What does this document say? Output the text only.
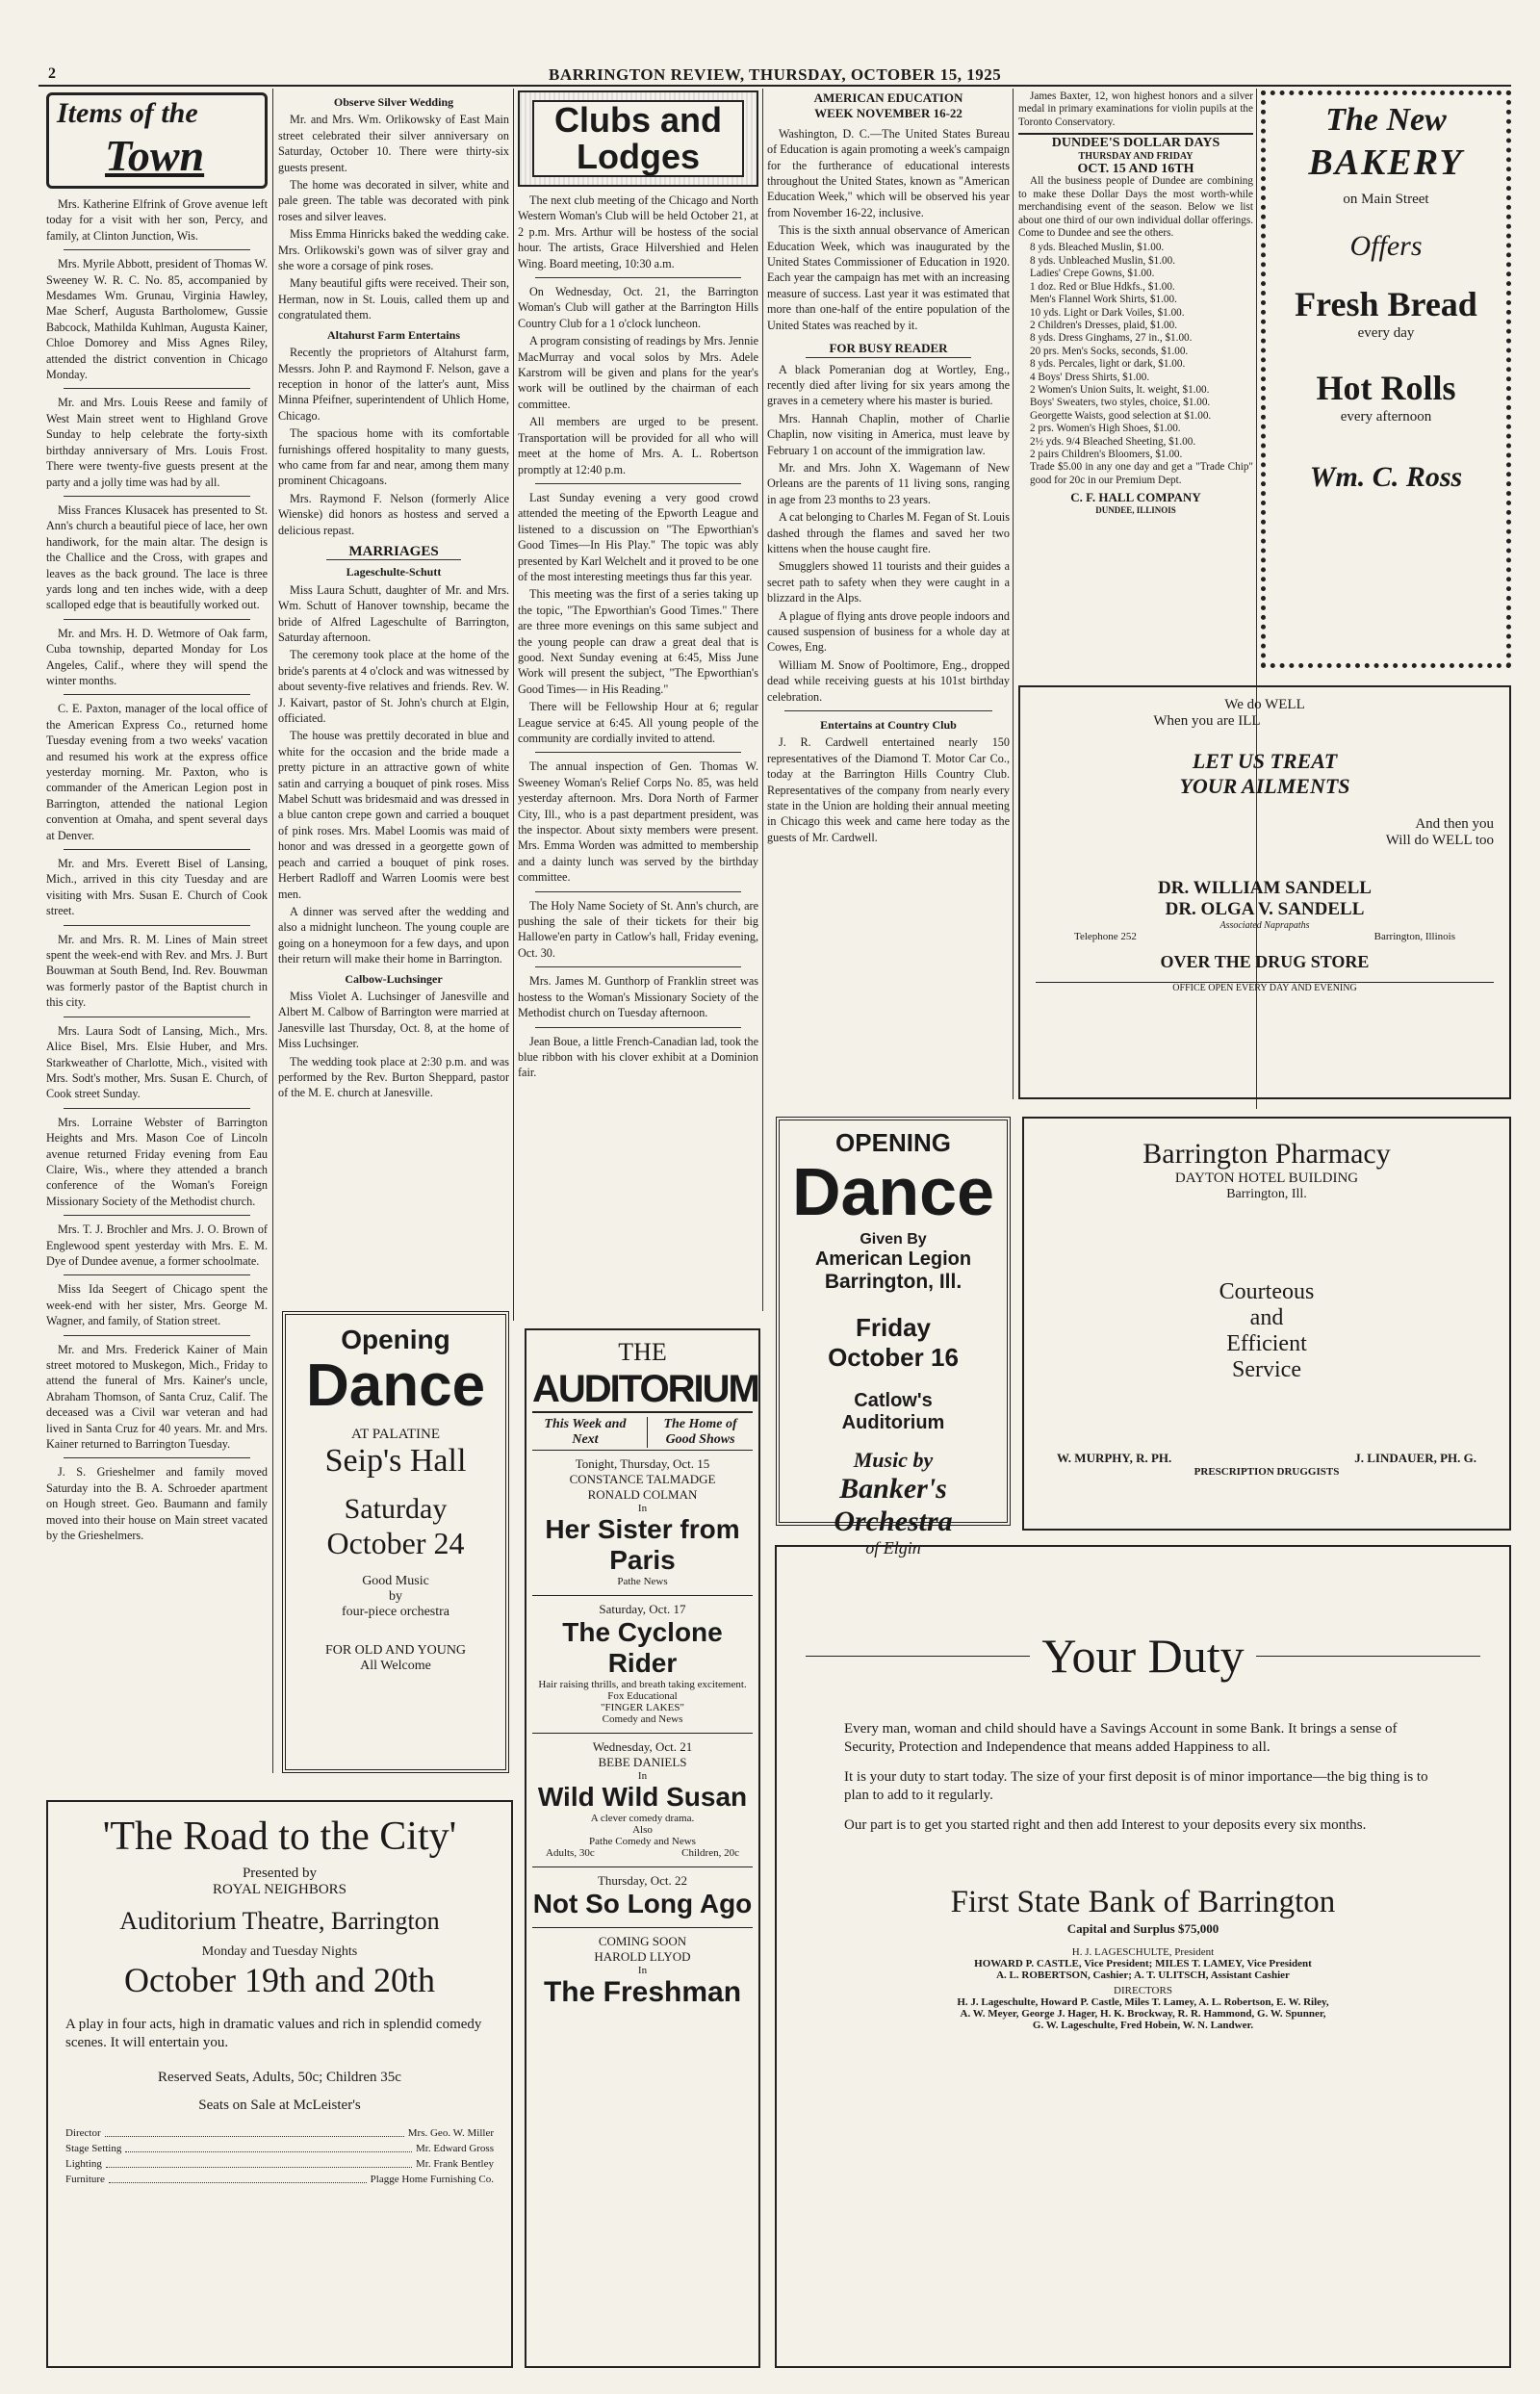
2	BARRINGTON REVIEW, THURSDAY, OCTOBER 15, 1925
Items of the
Town

Mrs. Katherine Elfrink of Grove avenue left today for a visit with her son, Percy, and family, at Clinton Junction, Wis.

Mrs. Myrile Abbott, president of Thomas W. Sweeney W. R. C. No. 85, accompanied by Mesdames Wm. Grunau, Virginia Hawley, Mae Scherf, Augusta Bartholomew, Gussie Babcock, Mathilda Kuhlman, Augusta Kainer, Chloe Domorey and Miss Agnes Riley, attended the district convention in Chicago Monday.

Mr. and Mrs. Louis Reese and family of West Main street went to Highland Grove Sunday to help celebrate the forty-sixth birthday anniversary of Mrs. Louis Frost. There were twenty-five guests present at the party and a jolly time was had by all.

Miss Frances Klusacek has presented to St. Ann's church a beautiful piece of lace, her own handiwork, for the main altar. The design is the Challice and the Cross, with grapes and leaves as the back ground. The lace is three yards long and ten inches wide, with a deep scalloped edge that is beautifully worked out.

Mr. and Mrs. H. D. Wetmore of Oak farm, Cuba township, departed Monday for Los Angeles, Calif., where they will spend the winter months.

C. E. Paxton, manager of the local office of the American Express Co., returned home Tuesday evening from a two weeks' vacation and resumed his work at the express office yesterday morning. Mr. Paxton, who is commander of the American Legion post in Barrington, attended the national Legion convention at Omaha, and spent several days at Denver.

Mr. and Mrs. Everett Bisel of Lansing, Mich., arrived in this city Tuesday and are visiting with Mrs. Susan E. Church of Cook street.

Mr. and Mrs. R. M. Lines of Main street spent the week-end with Rev. and Mrs. J. Burt Bouwman at South Bend, Ind. Rev. Bouwman was formerly pastor of the Baptist church in this city.

Mrs. Laura Sodt of Lansing, Mich., Mrs. Alice Bisel, Mrs. Elsie Huber, and Mrs. Starkweather of Charlotte, Mich., visited with Mrs. Sodt's mother, Mrs. Susan E. Church, of Cook street Sunday.

Mrs. Lorraine Webster of Barrington Heights and Mrs. Mason Coe of Lincoln avenue returned Friday evening from Eau Claire, Wis., where they attended a branch conference of the Woman's Foreign Missionary Society of the Methodist church.

Mrs. T. J. Brochler and Mrs. J. O. Brown of Englewood spent yesterday with Mrs. E. M. Dye of Dundee avenue, a former schoolmate.

Miss Ida Seegert of Chicago spent the week-end with her sister, Mrs. George M. Wagner, and family, of Station street.

Mr. and Mrs. Frederick Kainer of Main street motored to Muskegon, Mich., Friday to attend the funeral of Mrs. Kainer's uncle, Abraham Thomson, of Santa Cruz, Calif. The deceased was a Civil war veteran and had lived in Santa Cruz for 40 years. Mr. and Mrs. Kainer returned to Barrington Tuesday.

J. S. Grieshelmer and family moved Saturday into the B. A. Schroeder apartment on Hough street. Geo. Baumann and family moved into their house on Main street vacated by the Grieshelmers.

Observe Silver Wedding

Mr. and Mrs. Wm. Orlikowsky of East Main street celebrated their silver anniversary on Saturday, October 10. There were thirty-six guests present.

The home was decorated in silver, white and pale green. The table was decorated with pink roses and silver leaves.

Miss Emma Hinricks baked the wedding cake. Mrs. Orlikowski's gown was of silver gray and she wore a corsage of pink roses.

Many beautiful gifts were received. Their son, Herman, now in St. Louis, called them up and congratulated them.

Altahurst Farm Entertains

Recently the proprietors of Altahurst farm, Messrs. John P. and Raymond F. Nelson, gave a reception in honor of the latter's aunt, Miss Minna Pfeifner, superintendent of Uhlich Home, Chicago.

The spacious home with its comfortable furnishings offered hospitality to many guests, who came from far and near, among them many prominent Chicagoans.

Mrs. Raymond F. Nelson (formerly Alice Wienske) did honors as hostess and served a delicious repast.

MARRIAGES
Lageschulte-Schutt

Miss Laura Schutt, daughter of Mr. and Mrs. Wm. Schutt of Hanover township, became the bride of Alfred Lageschulte of Barrington, Saturday afternoon.

The ceremony took place at the home of the bride's parents at 4 o'clock and was witnessed by about seventy-five relatives and friends. Rev. W. J. Kaivart, pastor of St. John's church at Elgin, officiated.

The house was prettily decorated in blue and white for the occasion and the bride made a pretty picture in an attractive gown of white satin and carrying a bouquet of pink roses. Miss Mabel Schutt was bridesmaid and was dressed in a blue canton crepe gown and carried a bouquet of pink roses. Mrs. Mabel Loomis was maid of honor and was dressed in a georgette gown of peach and carried a bouquet of pink roses. Herbert Radloff and Warren Loomis were best men.

A dinner was served after the wedding and also a midnight luncheon. The young couple are going on a honeymoon for a few days, and upon their return will make their home in Barrington.

Calbow-Luchsinger

Miss Violet A. Luchsinger of Janesville and Albert M. Calbow of Barrington were married at Janesville last Thursday, Oct. 8, at the home of Miss Luchsinger.

The wedding took place at 2:30 p.m. and was performed by the Rev. Burton Sheppard, pastor of the M. E. church at Janesville.

Clubs and Lodges

The next club meeting of the Chicago and North Western Woman's Club will be held October 21, at 2 p.m. Mrs. Arthur will be hostess of the social hour. The artists, Grace Hilvershied and Helen Wing. Board meeting, 10:30 a.m.

On Wednesday, Oct. 21, the Barrington Woman's Club will gather at the Barrington Hills Country Club for a 1 o'clock luncheon.

A program consisting of readings by Mrs. Jennie MacMurray and vocal solos by Mrs. Adele Karstrom will be given and plans for the year's work will be outlined by the chairman of each committee.

All members are urged to be present. Transportation will be provided for all who will meet at the home of Mrs. A. L. Robertson promptly at 12:40 p.m.

Last Sunday evening a very good crowd attended the meeting of the Epworth League and listened to a discussion on "The Epworthian's Good Times—In His Play." The topic was ably presented by Karl Welchelt and it proved to be one of the most interesting meetings thus far this year.

This meeting was the first of a series taking up the topic, "The Epworthian's Good Times." There are three more evenings on this same subject and the young people can draw a great deal that is good. Next Sunday evening at 6:45, Miss June Work will present the subject, "The Epworthian's Good Times— in His Reading."

There will be Fellowship Hour at 6; regular League service at 6:45. All young people of the community are cordially invited to attend.

The annual inspection of Gen. Thomas W. Sweeney Woman's Relief Corps No. 85, was held yesterday afternoon. Mrs. Dora North of Farmer City, Ill., who is a past department president, was the inspector. About sixty members were present. Mrs. Emma Worden was admitted to membership and a dainty lunch was served by the birthday committee.

The Holy Name Society of St. Ann's church, are pushing the sale of their tickets for their big Hallowe'en party in Catlow's hall, Friday evening, Oct. 30.

Mrs. James M. Gunthorp of Franklin street was hostess to the Woman's Missionary Society of the Methodist church on Tuesday afternoon.

Jean Boue, a little French-Canadian lad, took the blue ribbon with his clover exhibit at a Dominion fair.

AMERICAN EDUCATION
WEEK NOVEMBER 16-22

Washington, D. C.—The United States Bureau of Education is again promoting a week's campaign for the furtherance of educational interests throughout the United States, known as "American Education Week," which will be observed his year from November 16-22, inclusive.

This is the sixth annual observance of American Education Week, which was inaugurated by the United States Commissioner of Education in 1920. Each year the campaign has met with an increasing measure of success. Last year it was estimated that more than one-half of the entire population of the United States was reached by it.

FOR BUSY READER

A black Pomeranian dog at Wortley, Eng., recently died after living for six years among the graves in a cemetery where his master is buried.

Mrs. Hannah Chaplin, mother of Charlie Chaplin, now visiting in America, must leave by February 1 on account of the immigration law.

Mr. and Mrs. John X. Wagemann of New Orleans are the parents of 11 living sons, ranging in age from 23 months to 23 years.

A cat belonging to Charles M. Fegan of St. Louis dashed through the flames and saved her two kittens when the house caught fire.

Smugglers showed 11 tourists and their guides a secret path to safety when they were caught in a blizzard in the Alps.

A plague of flying ants drove people indoors and caused suspension of business for a whole day at Cowes, Eng.

William M. Snow of Pooltimore, Eng., dropped dead while receiving guests at his 101st birthday celebration.

Entertains at Country Club

J. R. Cardwell entertained nearly 150 representatives of the Diamond T. Motor Car Co., today at the Barrington Hills Country Club. Representatives of the company from nearly every state in the Union are holding their annual meeting in Chicago this week and came here today as the guests of Mr. Cardwell.

James Baxter, 12, won highest honors and a silver medal in primary examinations for violin pupils at the Toronto Conservatory.

DUNDEE'S DOLLAR DAYS
THURSDAY AND FRIDAY
OCT. 15 AND 16TH

All the business people of Dundee are combining to make these Dollar Days the most worth-while merchandising event of the season. Below we list about one third of our own individual dollar offerings. Come to Dundee and see the others.

8 yds. Bleached Muslin, $1.00.
8 yds. Unbleached Muslin, $1.00.
Ladies' Crepe Gowns, $1.00.
1 doz. Red or Blue Hdkfs., $1.00.
Men's Flannel Work Shirts, $1.00.
10 yds. Light or Dark Voiles, $1.00.
2 Children's Dresses, plaid, $1.00.
8 yds. Dress Ginghams, 27 in., $1.00.
20 prs. Men's Socks, seconds, $1.00.
8 yds. Percales, light or dark, $1.00.
4 Boys' Dress Shirts, $1.00.
2 Women's Union Suits, lt. weight, $1.00.
Boys' Sweaters, two styles, choice, $1.00.
Georgette Waists, good selection at $1.00.
2 prs. Women's High Shoes, $1.00.
2½ yds. 9/4 Bleached Sheeting, $1.00.
2 pairs Children's Bloomers, $1.00.
Trade $5.00 in any one day and get a "Trade Chip" good for 20c in our Premium Dept.
C. F. HALL COMPANY
DUNDEE, ILLINOIS
The New
BAKERY
on Main Street
Offers
Fresh Bread
every day
Hot Rolls
every afternoon
Wm. C. Ross
We do WELL
When you are ILL
LET US TREAT
YOUR AILMENTS
And then you
Will do WELL too
DR. WILLIAM SANDELL
DR. OLGA V. SANDELL
Associated Naprapaths
Telephone 252	Barrington, Illinois
OVER THE DRUG STORE
OFFICE OPEN EVERY DAY AND EVENING
OPENING
Dance
Given By
American Legion
Barrington, Ill.
Friday
October 16
Catlow's
Auditorium
Music by
Banker's
Orchestra
of Elgin
Barrington Pharmacy
DAYTON HOTEL BUILDING
Barrington, Ill.
Courteous
and
Efficient
Service
W. MURPHY, R. PH.	J. LINDAUER, PH. G.
PRESCRIPTION DRUGGISTS
Opening
Dance
AT PALATINE
Seip's Hall
Saturday
October 24
Good Music
by
four-piece orchestra
FOR OLD AND YOUNG
All Welcome
THE
AUDITORIUM
This Week and Next
The Home of Good Shows
Tonight, Thursday, Oct. 15
CONSTANCE TALMADGE
RONALD COLMAN
In
Her Sister from Paris
Pathe News
Saturday, Oct. 17
The Cyclone Rider
Hair raising thrills, and breath taking excitement.
Fox Educational
"FINGER LAKES"
Comedy and News
Wednesday, Oct. 21
BEBE DANIELS
In
Wild Wild Susan
A clever comedy drama.
Also
Pathe Comedy and News
Adults, 30c	Children, 20c
Thursday, Oct. 22
Not So Long Ago
COMING SOON
HAROLD LLYOD
In
The Freshman
'The Road to the City'
Presented by
ROYAL NEIGHBORS
Auditorium Theatre, Barrington
Monday and Tuesday Nights
October 19th and 20th
A play in four acts, high in dramatic values and rich in splendid comedy scenes. It will entertain you.
Reserved Seats, Adults, 50c; Children 35c
Seats on Sale at McLeister's
Director	Mrs. Geo. W. Miller
Stage Setting	Mr. Edward Gross
Lighting	Mr. Frank Bentley
Furniture	Plagge Home Furnishing Co.
Your Duty
Every man, woman and child should have a Savings Account in some Bank. It brings a sense of Security, Protection and Independence that means added Happiness to all.
It is your duty to start today. The size of your first deposit is of minor importance—the big thing is to plan to add to it regularly.
Our part is to get you started right and then add Interest to your deposits every six months.
First State Bank of Barrington
Capital and Surplus $75,000
H. J. LAGESCHULTE, President
HOWARD P. CASTLE, Vice President; MILES T. LAMEY, Vice President
A. L. ROBERTSON, Cashier; A. T. ULITSCH, Assistant Cashier
DIRECTORS
H. J. Lageschulte, Howard P. Castle, Miles T. Lamey, A. L. Robertson, E. W. Riley,
A. W. Meyer, George J. Hager, H. K. Brockway, R. R. Hammond, G. W. Spunner,
G. W. Lageschulte, Fred Hobein, W. N. Landwer.
